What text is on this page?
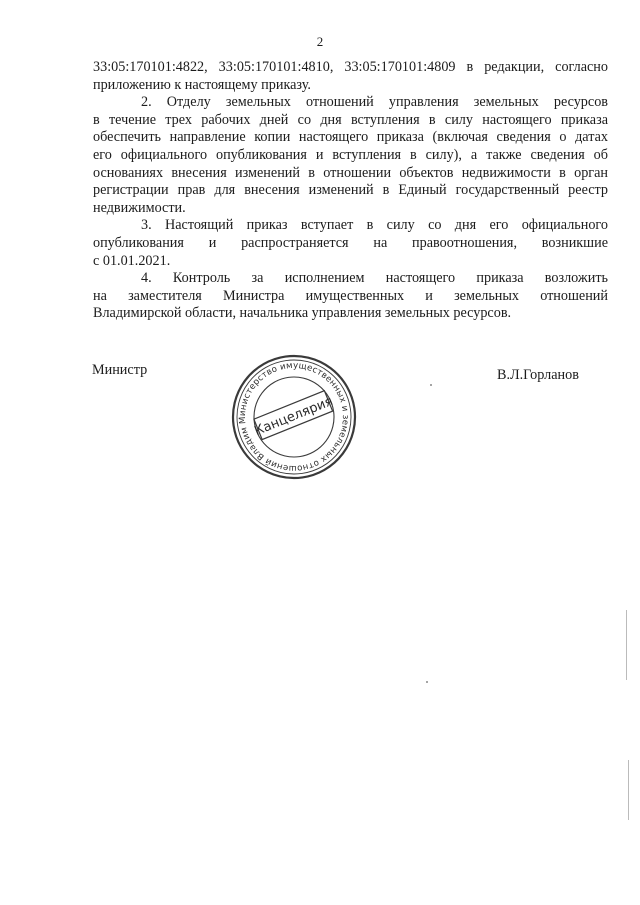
2
33:05:170101:4822, 33:05:170101:4810, 33:05:170101:4809 в редакции, согласно
приложению к настоящему приказу.
2. Отделу земельных отношений управления земельных ресурсов
в течение трех рабочих дней со дня вступления в силу настоящего приказа
обеспечить направление копии настоящего приказа (включая сведения о датах
его официального опубликования и вступления в силу), а также сведения об
основаниях внесения изменений в отношении объектов недвижимости в орган
регистрации прав для внесения изменений в Единый государственный реестр
недвижимости.
3. Настоящий приказ вступает в силу со дня его официального
опубликования и распространяется на правоотношения, возникшие
с 01.01.2021.
4. Контроль за исполнением настоящего приказа возложить
на заместителя Министра имущественных и земельных отношений
Владимирской области, начальника управления земельных ресурсов.
Министр	В.Л.Горланов
Министерство имущественных и земельных отношений Владимирской
Канцелярия
